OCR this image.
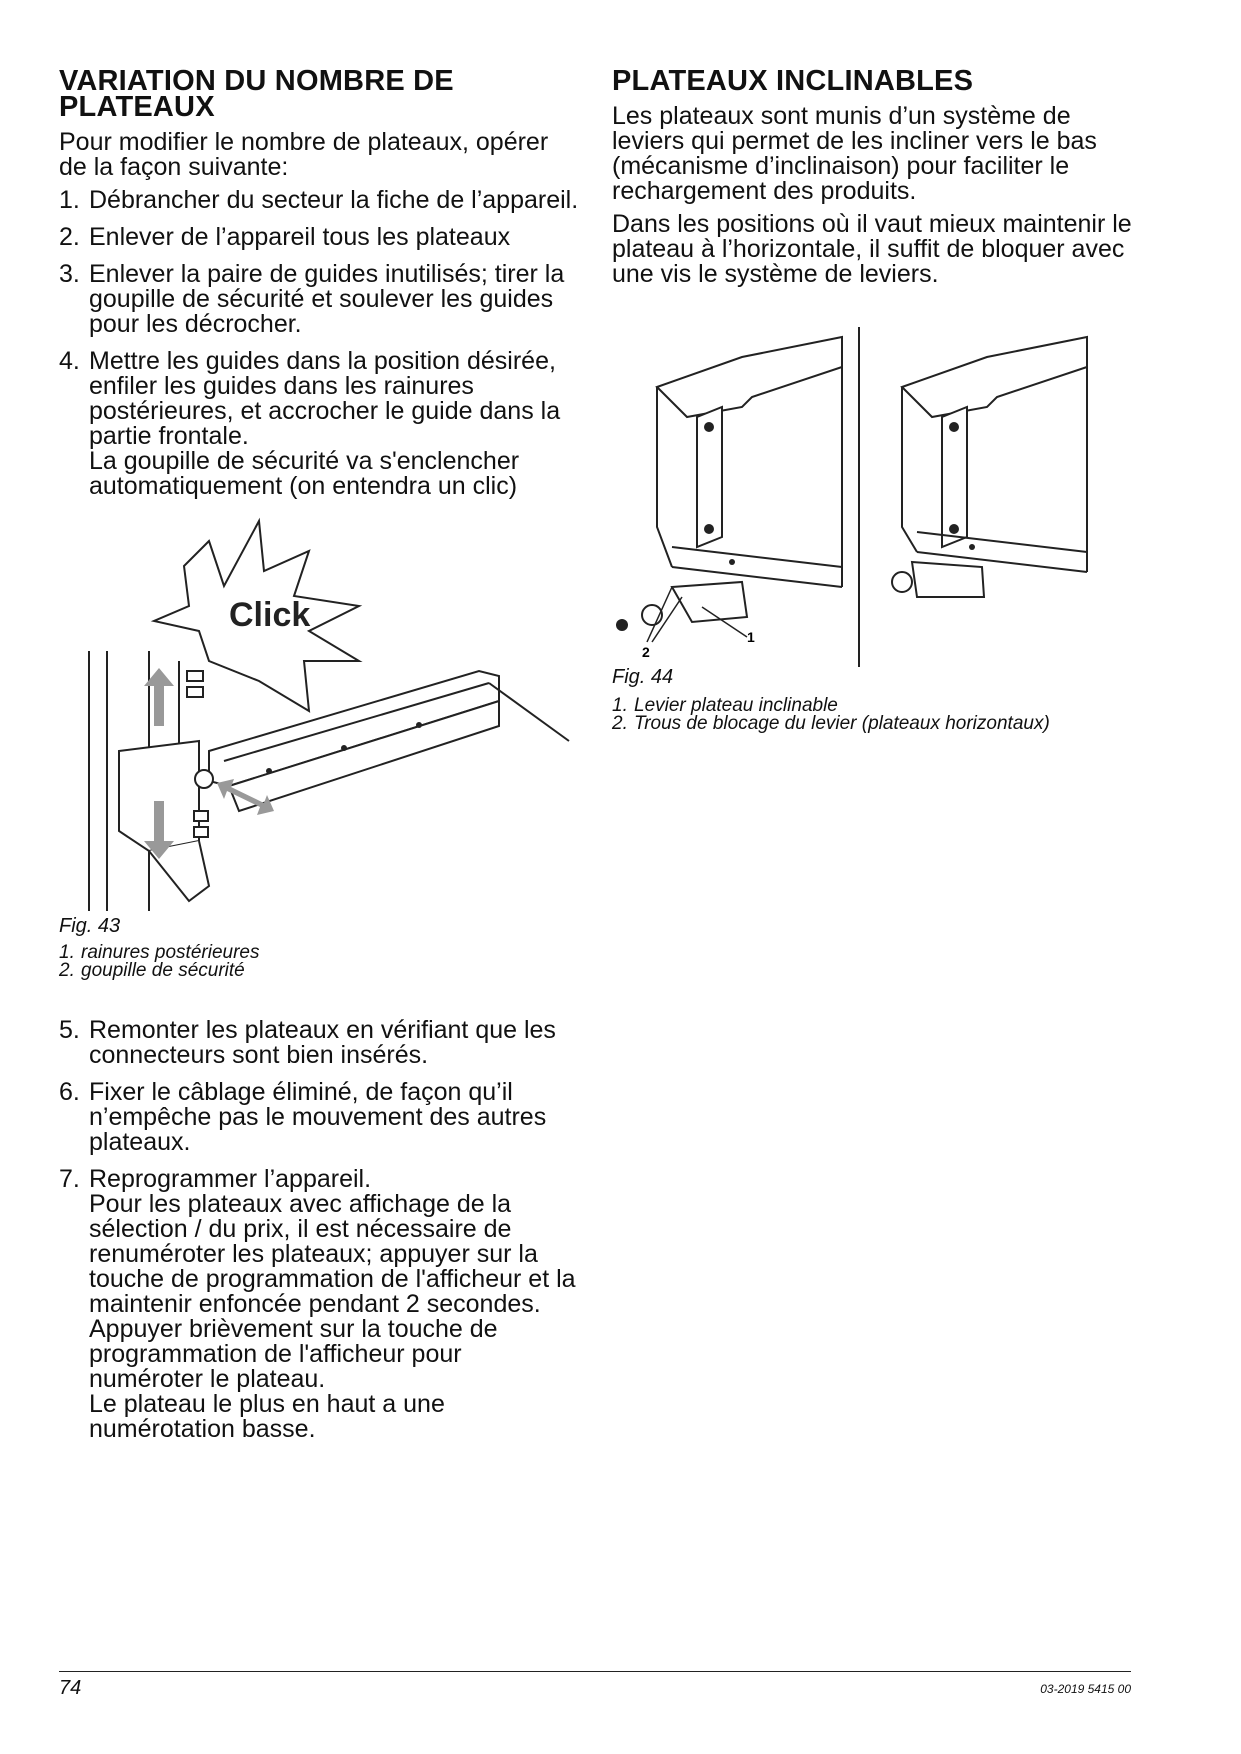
VARIATION DU NOMBRE DE PLATEAUX

Pour modifier le nombre de plateaux, opérer de la façon suivante:

1. Débrancher du secteur la fiche de l’appareil.
2. Enlever de l’appareil tous les plateaux
3. Enlever la paire de guides inutilisés; tirer la goupille de sécurité et soulever les guides pour les décrocher.
4. Mettre les guides dans la position désirée, enfiler les guides dans les rainures postérieures, et accrocher le guide dans la partie frontale.
La goupille de sécurité va s'enclencher automatiquement (on entendra un clic)
Click

Fig. 43

1. rainures postérieures
2. goupille de sécurité
5. Remonter les plateaux en vérifiant que les connecteurs sont bien insérés.
6. Fixer le câblage éliminé, de façon qu’il n’empêche pas le mouvement des autres plateaux.
7. Reprogrammer l’appareil.
Pour les plateaux avec affichage de la sélection / du prix, il est nécessaire de renuméroter les plateaux; appuyer sur la touche de programmation de l'afficheur et la maintenir enfoncée pendant 2 secondes.
Appuyer brièvement sur la touche de programmation de l'afficheur pour numéroter le plateau.
Le plateau le plus en haut a une numérotation basse.
PLATEAUX INCLINABLES

Les plateaux sont munis d’un système de leviers qui permet de les incliner vers le bas (mécanisme d’inclinaison) pour faciliter le rechargement des produits.

Dans les positions où il vaut mieux maintenir le plateau à l’horizontale, il suffit de bloquer avec une vis le système de leviers.

2
1

Fig. 44

1. Levier plateau inclinable
2. Trous de blocage du levier (plateaux horizontaux)
74	03-2019 5415 00
